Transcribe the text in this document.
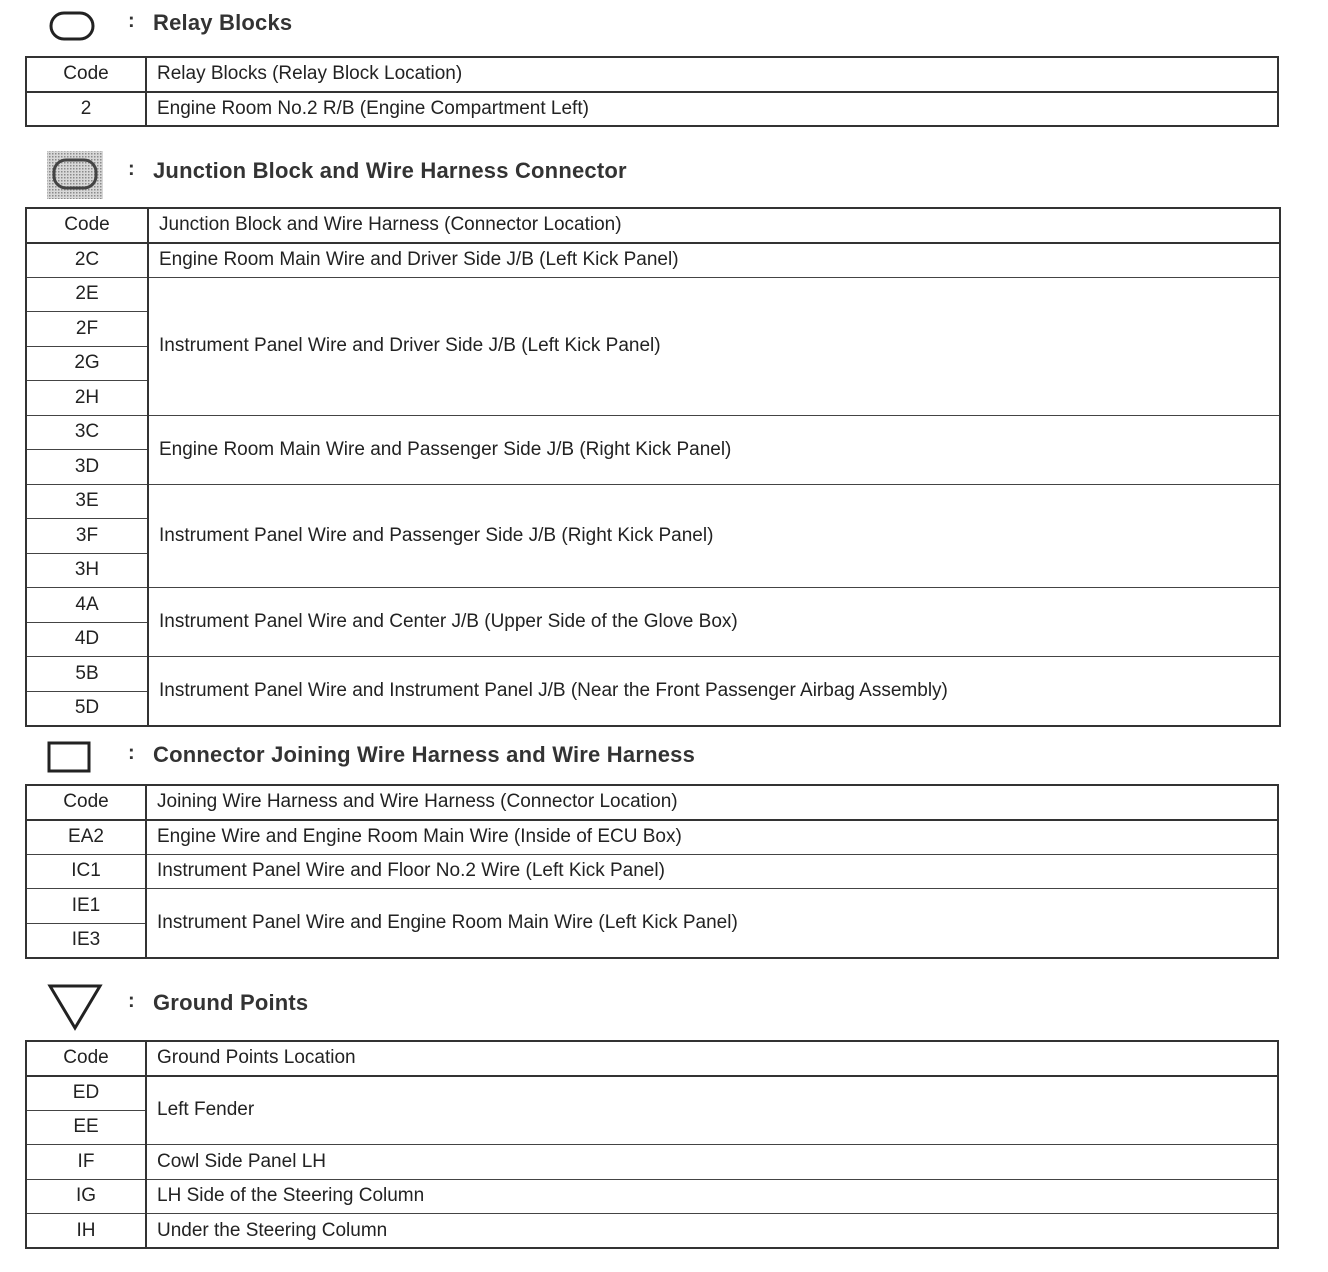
: Relay Blocks
Code	Relay Blocks (Relay Block Location)
2	Engine Room No.2 R/B (Engine Compartment Left)
: Junction Block and Wire Harness Connector
Code	Junction Block and Wire Harness (Connector Location)
2C	Engine Room Main Wire and Driver Side J/B (Left Kick Panel)
2E	Instrument Panel Wire and Driver Side J/B (Left Kick Panel)
2F	
2G	
2H	
3C	Engine Room Main Wire and Passenger Side J/B (Right Kick Panel)
3D	
3E	Instrument Panel Wire and Passenger Side J/B (Right Kick Panel)
3F	
3H	
4A	Instrument Panel Wire and Center J/B (Upper Side of the Glove Box)
4D	
5B	Instrument Panel Wire and Instrument Panel J/B (Near the Front Passenger Airbag Assembly)
5D	
: Connector Joining Wire Harness and Wire Harness
Code	Joining Wire Harness and Wire Harness (Connector Location)
EA2	Engine Wire and Engine Room Main Wire (Inside of ECU Box)
IC1	Instrument Panel Wire and Floor No.2 Wire (Left Kick Panel)
IE1	Instrument Panel Wire and Engine Room Main Wire (Left Kick Panel)
IE3	
: Ground Points
Code	Ground Points Location
ED	Left Fender
EE	
IF	Cowl Side Panel LH
IG	LH Side of the Steering Column
IH	Under the Steering Column
